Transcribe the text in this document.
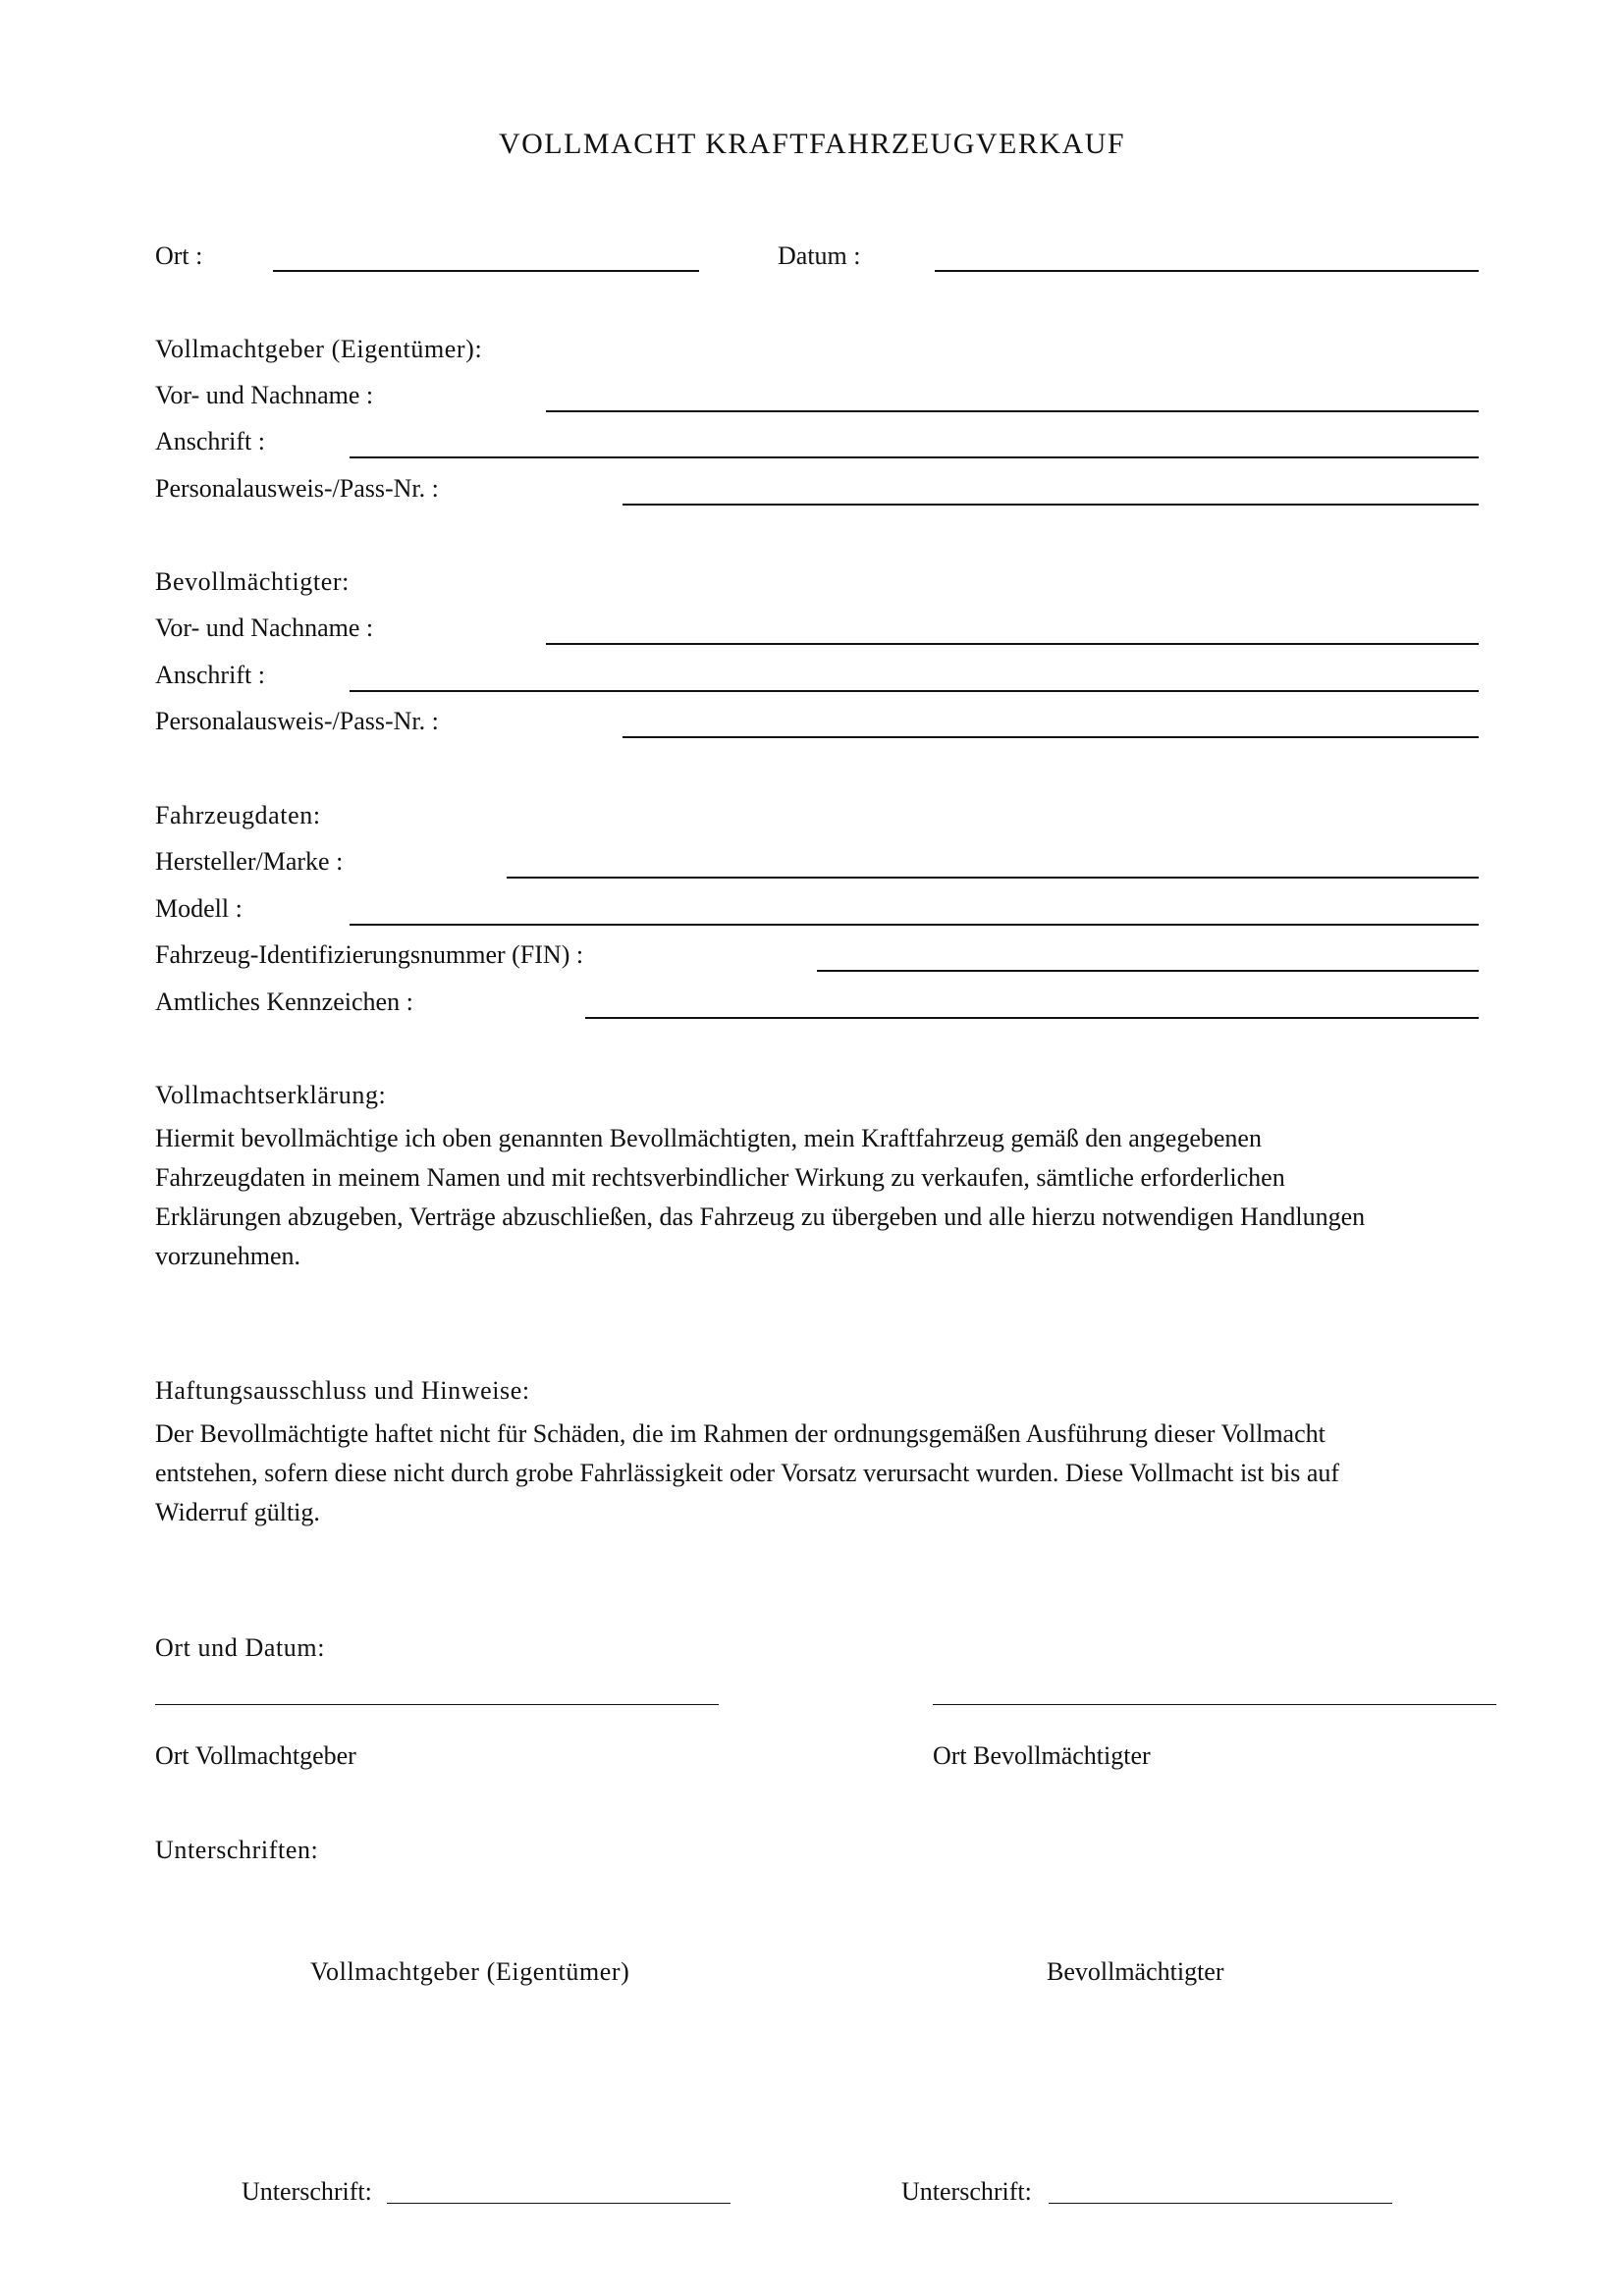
VOLLMACHT KRAFTFAHRZEUGVERKAUF
Ort :	Datum :
Vollmachtgeber (Eigentümer):
Vor- und Nachname :
Anschrift :
Personalausweis-/Pass-Nr. :
Bevollmächtigter:
Vor- und Nachname :
Anschrift :
Personalausweis-/Pass-Nr. :
Fahrzeugdaten:
Hersteller/Marke :
Modell :
Fahrzeug-Identifizierungsnummer (FIN) :
Amtliches Kennzeichen :
Vollmachtserklärung:
Hiermit bevollmächtige ich oben genannten Bevollmächtigten, mein Kraftfahrzeug gemäß den angegebenen
Fahrzeugdaten in meinem Namen und mit rechtsverbindlicher Wirkung zu verkaufen, sämtliche erforderlichen
Erklärungen abzugeben, Verträge abzuschließen, das Fahrzeug zu übergeben und alle hierzu notwendigen Handlungen
vorzunehmen.
Haftungsausschluss und Hinweise:
Der Bevollmächtigte haftet nicht für Schäden, die im Rahmen der ordnungsgemäßen Ausführung dieser Vollmacht
entstehen, sofern diese nicht durch grobe Fahrlässigkeit oder Vorsatz verursacht wurden. Diese Vollmacht ist bis auf
Widerruf gültig.
Ort und Datum:
Ort Vollmachtgeber	Ort Bevollmächtigter
Unterschriften:
Vollmachtgeber (Eigentümer)	Bevollmächtigter
Unterschrift:	Unterschrift:
